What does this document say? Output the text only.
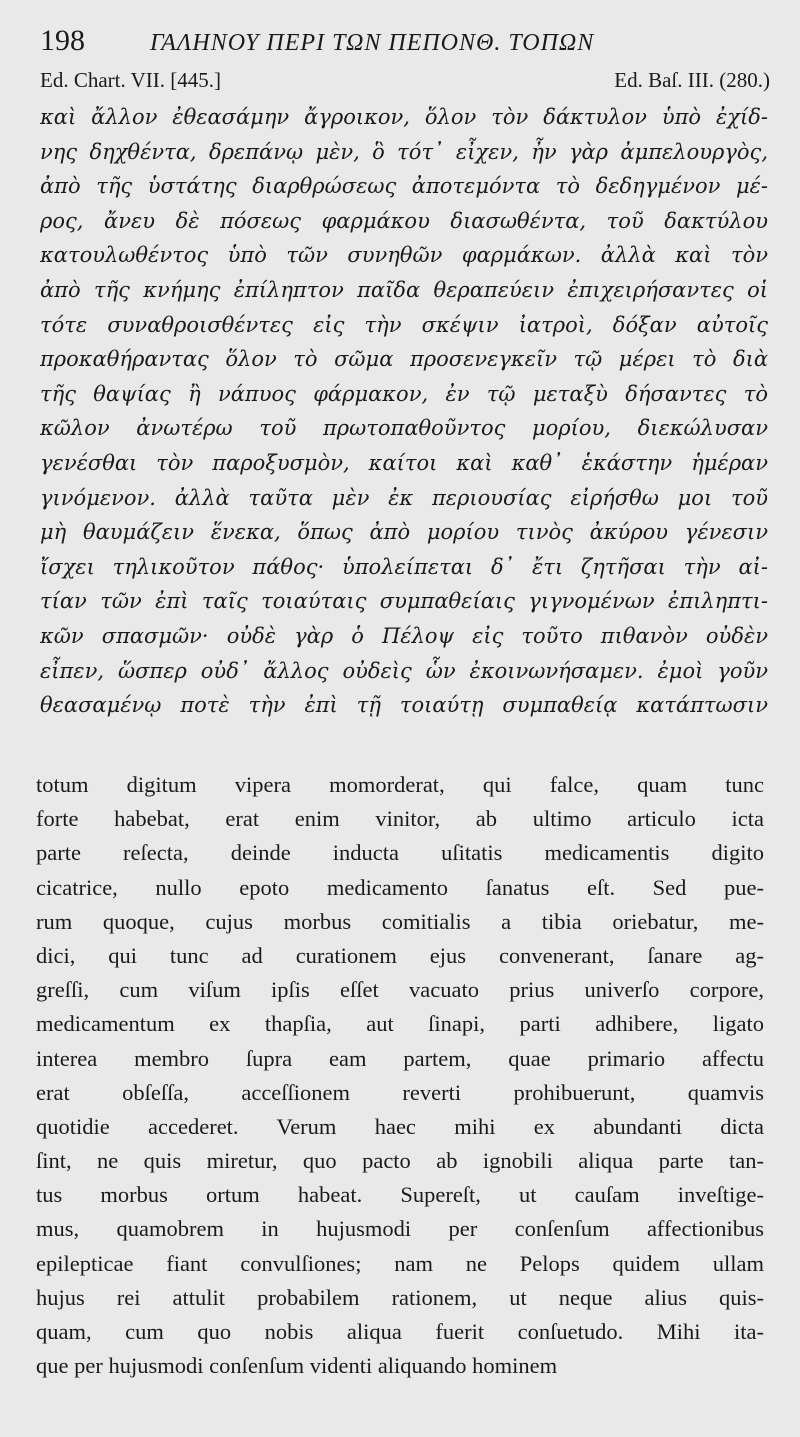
198	ΓΑΛΗΝΟΥ ΠΕΡΙ ΤΩΝ ΠΕΠΟΝΘ. ΤΟΠΩΝ
Ed. Chart. VII. [445.]	Ed. Baſ. III. (280.)
καὶ ἄλλον ἐθεασάμην ἄγροικον, ὅλον τὸν δάκτυλον ὑπὸ ἐχίδ-
νης δηχθέντα, δρεπάνῳ μὲν, ὃ τότ᾽ εἶχεν, ἦν γὰρ ἀμπελουργὸς,
ἀπὸ τῆς ὑστάτης διαρθρώσεως ἀποτεμόντα τὸ δεδηγμένον μέ-
ρος, ἄνευ δὲ πόσεως φαρμάκου διασωθέντα, τοῦ δακτύλου
κατουλωθέντος ὑπὸ τῶν συνηθῶν φαρμάκων. ἀλλὰ καὶ τὸν
ἀπὸ τῆς κνήμης ἐπίληπτον παῖδα θεραπεύειν ἐπιχειρήσαντες οἱ
τότε συναθροισθέντες εἰς τὴν σκέψιν ἰατροὶ, δόξαν αὐτοῖς
προκαθήραντας ὅλον τὸ σῶμα προσενεγκεῖν τῷ μέρει τὸ διὰ
τῆς θαψίας ἢ νάπυος φάρμακον, ἐν τῷ μεταξὺ δήσαντες τὸ
κῶλον ἀνωτέρω τοῦ πρωτοπαθοῦντος μορίου, διεκώλυσαν
γενέσθαι τὸν παροξυσμὸν, καίτοι καὶ καθ᾽ ἑκάστην ἡμέραν
γινόμενον. ἀλλὰ ταῦτα μὲν ἐκ περιουσίας εἰρήσθω μοι τοῦ
μὴ θαυμάζειν ἕνεκα, ὅπως ἀπὸ μορίου τινὸς ἀκύρου γένεσιν
ἴσχει τηλικοῦτον πάθος· ὑπολείπεται δ᾽ ἔτι ζητῆσαι τὴν αἰ-
τίαν τῶν ἐπὶ ταῖς τοιαύταις συμπαθείαις γιγνομένων ἐπιληπτι-
κῶν σπασμῶν· οὐδὲ γὰρ ὁ Πέλοψ εἰς τοῦτο πιθανὸν οὐδὲν
εἶπεν, ὥσπερ οὐδ᾽ ἄλλος οὐδεὶς ὧν ἐκοινωνήσαμεν. ἐμοὶ γοῦν
θεασαμένῳ ποτὲ τὴν ἐπὶ τῇ τοιαύτῃ συμπαθείᾳ κατάπτωσιν
totum digitum vipera momorderat, qui falce, quam tunc
forte habebat, erat enim vinitor, ab ultimo articulo icta
parte reſecta, deinde inducta uſitatis medicamentis digito
cicatrice, nullo epoto medicamento ſanatus eſt. Sed pue-
rum quoque, cujus morbus comitialis a tibia oriebatur, me-
dici, qui tunc ad curationem ejus convenerant, ſanare ag-
greſſi, cum viſum ipſis eſſet vacuato prius univerſo corpore,
medicamentum ex thapſia, aut ſinapi, parti adhibere, ligato
interea membro ſupra eam partem, quae primario affectu
erat obſeſſa, acceſſionem reverti prohibuerunt, quamvis
quotidie accederet. Verum haec mihi ex abundanti dicta
ſint, ne quis miretur, quo pacto ab ignobili aliqua parte tan-
tus morbus ortum habeat. Supereſt, ut cauſam inveſtige-
mus, quamobrem in hujusmodi per conſenſum affectionibus
epilepticae fiant convulſiones; nam ne Pelops quidem ullam
hujus rei attulit probabilem rationem, ut neque alius quis-
quam, cum quo nobis aliqua fuerit conſuetudo. Mihi ita-
que per hujusmodi conſenſum videnti aliquando hominem
